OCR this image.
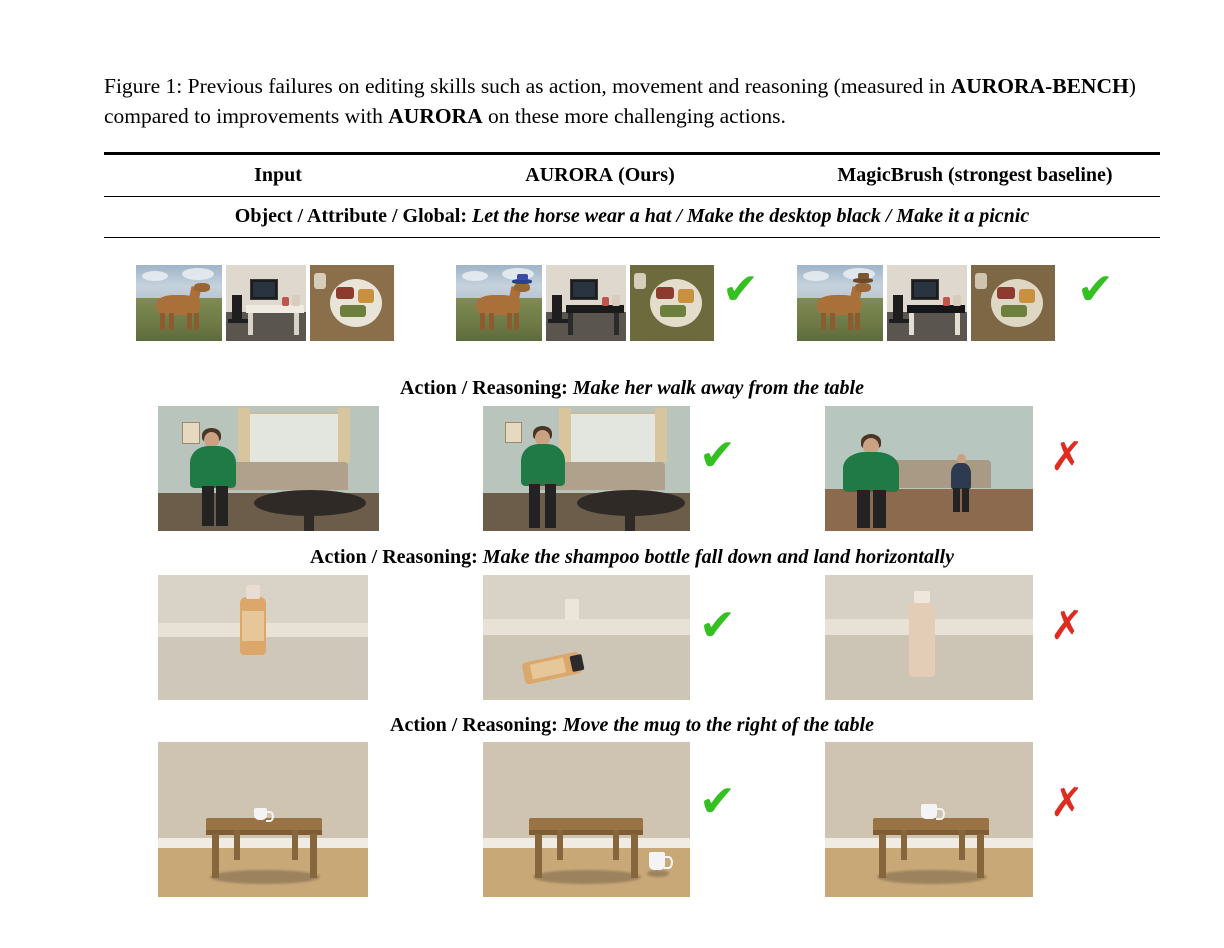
Figure 1: Previous failures on editing skills such as action, movement and reasoning (measured in AURORA-BENCH) compared to improvements with AURORA on these more challenging actions.
Input	AURORA (Ours)	MagicBrush (strongest baseline)
Object / Attribute / Global: Let the horse wear a hat / Make the desktop black / Make it a picnic
✔	✔
Action / Reasoning: Make her walk away from the table
✔	✗
Action / Reasoning: Make the shampoo bottle fall down and land horizontally
✔	✗
Action / Reasoning: Move the mug to the right of the table
✔	✗
